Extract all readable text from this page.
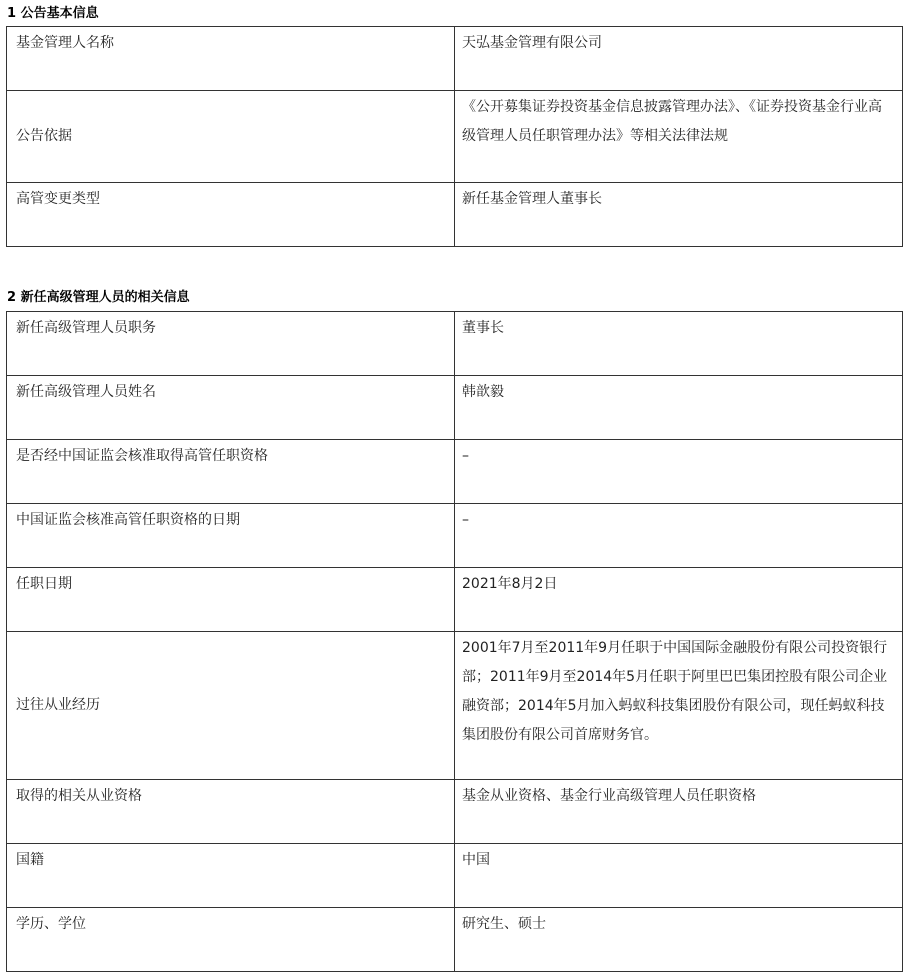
1 公告基本信息
基金管理人名称	天弘基金管理有限公司
公告依据	《公开募集证券投资基金信息披露管理办法》、《证券投资基金行业高级管理人员任职管理办法》等相关法律法规
高管变更类型	新任基金管理人董事长
2 新任高级管理人员的相关信息
新任高级管理人员职务	董事长
新任高级管理人员姓名	韩歆毅
是否经中国证监会核准取得高管任职资格	–
中国证监会核准高管任职资格的日期	–
任职日期	2021年8月2日
过往从业经历	2001年7月至2011年9月任职于中国国际金融股份有限公司投资银行部；2011年9月至2014年5月任职于阿里巴巴集团控股有限公司企业融资部；2014年5月加入蚂蚁科技集团股份有限公司，现任蚂蚁科技集团股份有限公司首席财务官。
取得的相关从业资格	基金从业资格、基金行业高级管理人员任职资格
国籍	中国
学历、学位	研究生、硕士
